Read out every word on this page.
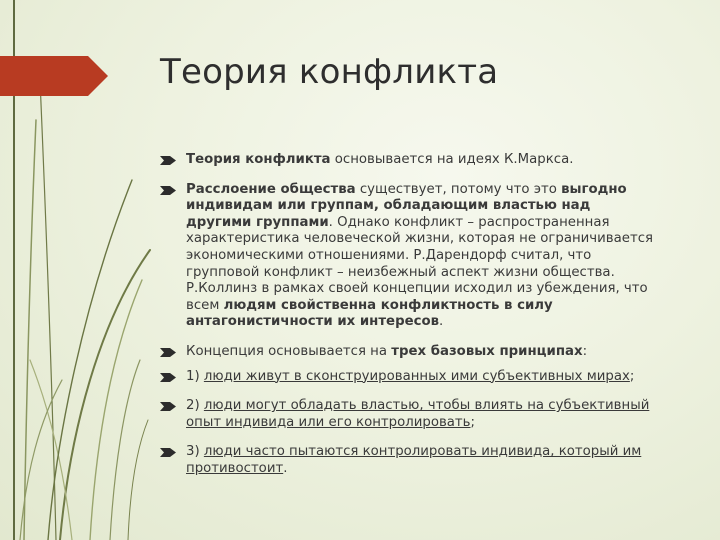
Теория конфликта
Теория конфликта основывается на идеях К.Маркса.
Расслоение общества существует, потому что это выгодно индивидам или группам, обладающим властью над другими группами. Однако конфликт – распространенная характеристика человеческой жизни, которая не ограничивается экономическими отношениями. Р.Дарендорф считал, что групповой конфликт – неизбежный аспект жизни общества. Р.Коллинз в рамках своей концепции исходил из убеждения, что всем людям свойственна конфликтность в силу антагонистичности их интересов.
Концепция основывается на трех базовых принципах:
1) люди живут в сконструированных ими субъективных мирах;
2) люди могут обладать властью, чтобы влиять на субъективный опыт индивида или его контролировать;
3) люди часто пытаются контролировать индивида, который им противостоит.
